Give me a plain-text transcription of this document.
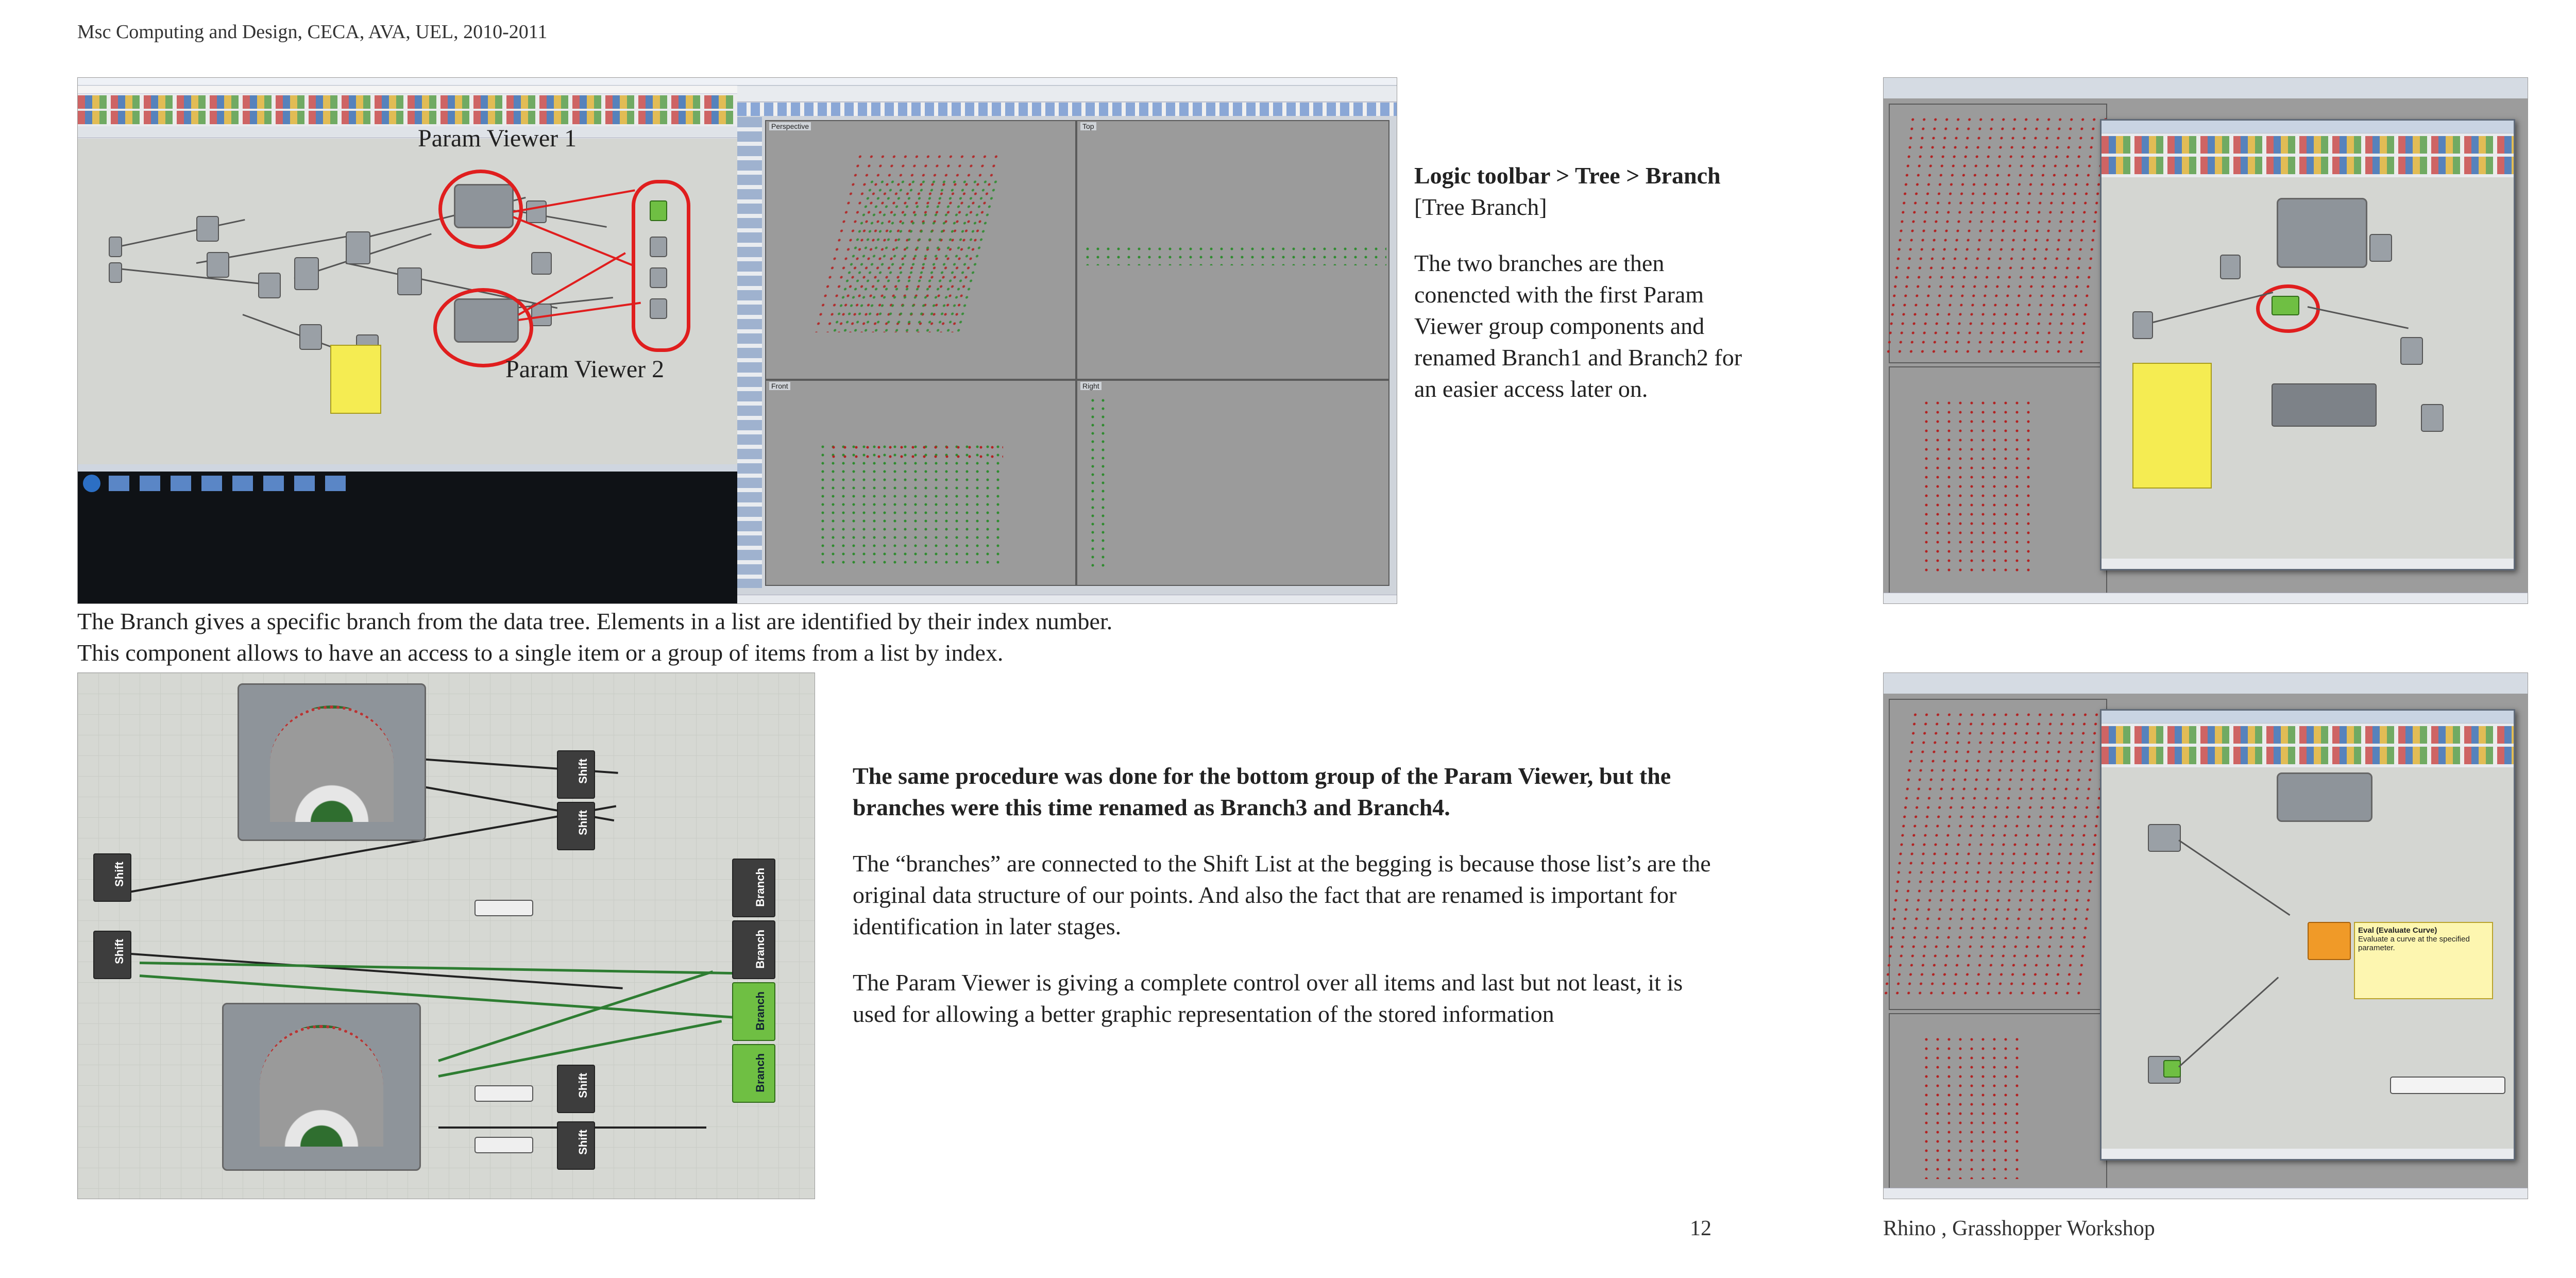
Msc Computing and Design, CECA, AVA, UEL, 2010-2011
Param Viewer 1
Param Viewer 2
Perspective	Top
Front	Right
Logic toolbar > Tree > Branch
[Tree Branch]
The two branches are then conencted with the first Param Viewer group components and renamed Branch1 and Branch2 for an easier access later on.
The Branch gives a specific branch from the data tree. Elements in a list are identified by their index number.
This component allows to have an access to a single item or a group of items from a list by index.
Shift
Shift
Shift
Shift
Shift
Shift
Branch
Branch
Branch
Branch

The same procedure was done for the bottom group of the Param Viewer, but the branches were this time renamed as Branch3 and Branch4.

The “branches” are connected to the Shift List at the begging is because those list’s are the original data structure of our points. And also the fact that are renamed is important for identification in later stages.

The Param Viewer is giving a complete control over all items and last but not least, it is used for allowing a better graphic representation of the stored information

12

Eval (Evaluate Curve)
Evaluate a curve at the specified parameter.

Rhino , Grasshopper Workshop
